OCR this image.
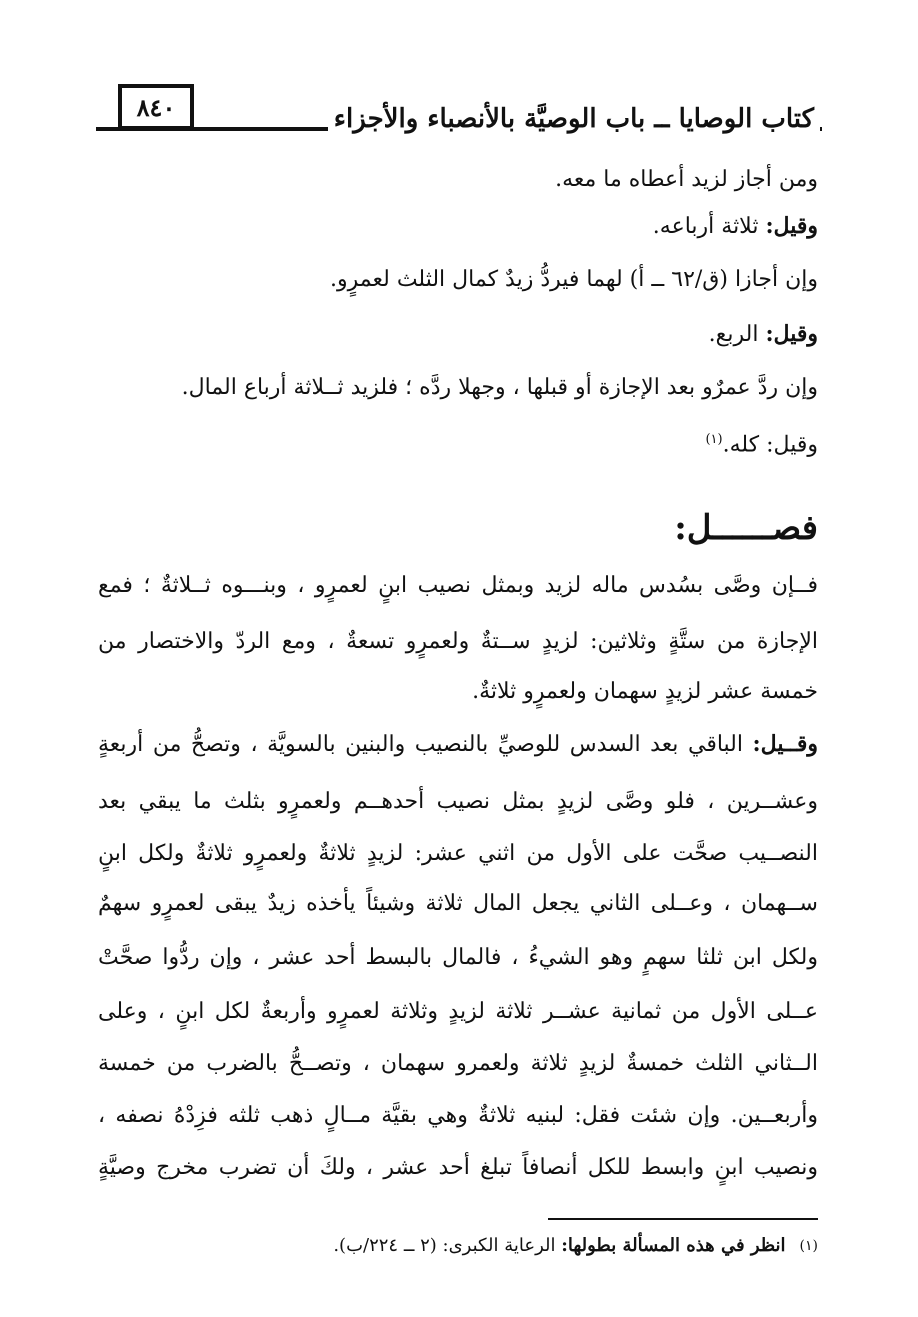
٨٤٠	كتاب الوصايا ــ باب الوصيَّة بالأنصباء والأجزاء
ومن أجاز لزيد أعطاه ما معه.
وقيل: ثلاثة أرباعه.
وإن أجازا (ق/٦٢ ــ أ) لهما فيردُّ زيدٌ كمال الثلث لعمرٍو.
وقيل: الربع.
وإن ردَّ عمرٌو بعد الإجازة أو قبلها ، وجهلا ردَّه ؛ فلزيد ثــلاثة أرباع المال.
وقيل: كله.$^{(١)}$
فصــــــل:
فــإن وصَّى بسُدس ماله لزيد وبمثل نصيب ابنٍ لعمرٍو ، وبنـــوه ثــلاثةٌ ؛ فمع
الإجازة من ستَّةٍ وثلاثين: لزيدٍ ســتةٌ ولعمرٍو تسعةٌ ، ومع الردّ والاختصار من
خمسة عشر لزيدٍ سهمان ولعمرٍو ثلاثةٌ.
وقــيل: الباقي بعد السدس للوصيِّ بالنصيب والبنين بالسويَّة ، وتصحُّ من أربعةٍ
وعشــرين ، فلو وصَّى لزيدٍ بمثل نصيب أحدهــم ولعمرٍو بثلث ما يبقي بعد
النصــيب صحَّت على الأول من اثني عشر: لزيدٍ ثلاثةٌ ولعمرٍو ثلاثةٌ ولكل ابنٍ
ســهمان ، وعــلى الثاني يجعل المال ثلاثة وشيئاً يأخذه زيدٌ يبقى لعمرٍو سهمٌ
ولكل ابن ثلثا سهمٍ وهو الشيءُ ، فالمال بالبسط أحد عشر ، وإن ردُّوا صحَّتْ
عــلى الأول من ثمانية عشــر ثلاثة لزيدٍ وثلاثة لعمرٍو وأربعةٌ لكل ابنٍ ، وعلى
الــثاني الثلث خمسةٌ لزيدٍ ثلاثة ولعمرو سهمان ، وتصــحُّ بالضرب من خمسة
وأربعــين. وإن شئت فقل: لبنيه ثلاثةٌ وهي بقيَّة مــالٍ ذهب ثلثه فزِدْهُ نصفه ،
ونصيب ابنٍ وابسط للكل أنصافاً تبلغ أحد عشر ، ولكَ أن تضرب مخرج وصيَّةٍ
$^{(١)}$انظر في هذه المسألة بطولها: الرعاية الكبرى: (٢ ــ ٢٢٤/ب).
